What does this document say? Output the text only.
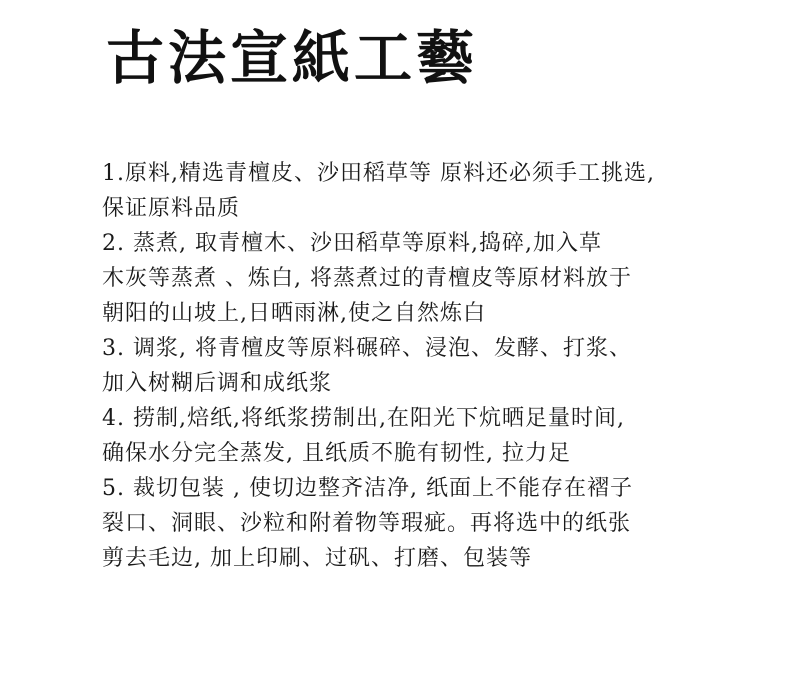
古法宣紙工藝
1.原料,精选青檀皮、沙田稻草等 原料还必须手工挑选,
保证原料品质
2. 蒸煮, 取青檀木、沙田稻草等原料,捣碎,加入草
木灰等蒸煮 、炼白, 将蒸煮过的青檀皮等原材料放于
朝阳的山坡上,日晒雨淋,使之自然炼白
3. 调浆, 将青檀皮等原料碾碎、浸泡、发酵、打浆、
加入树糊后调和成纸浆
4. 捞制,焙纸,将纸浆捞制出,在阳光下炕晒足量时间,
确保水分完全蒸发, 且纸质不脆有韧性, 拉力足
5. 裁切包装 , 使切边整齐洁净, 纸面上不能存在褶子
裂口、洞眼、沙粒和附着物等瑕疵。再将选中的纸张
剪去毛边, 加上印刷、过矾、打磨、包装等
